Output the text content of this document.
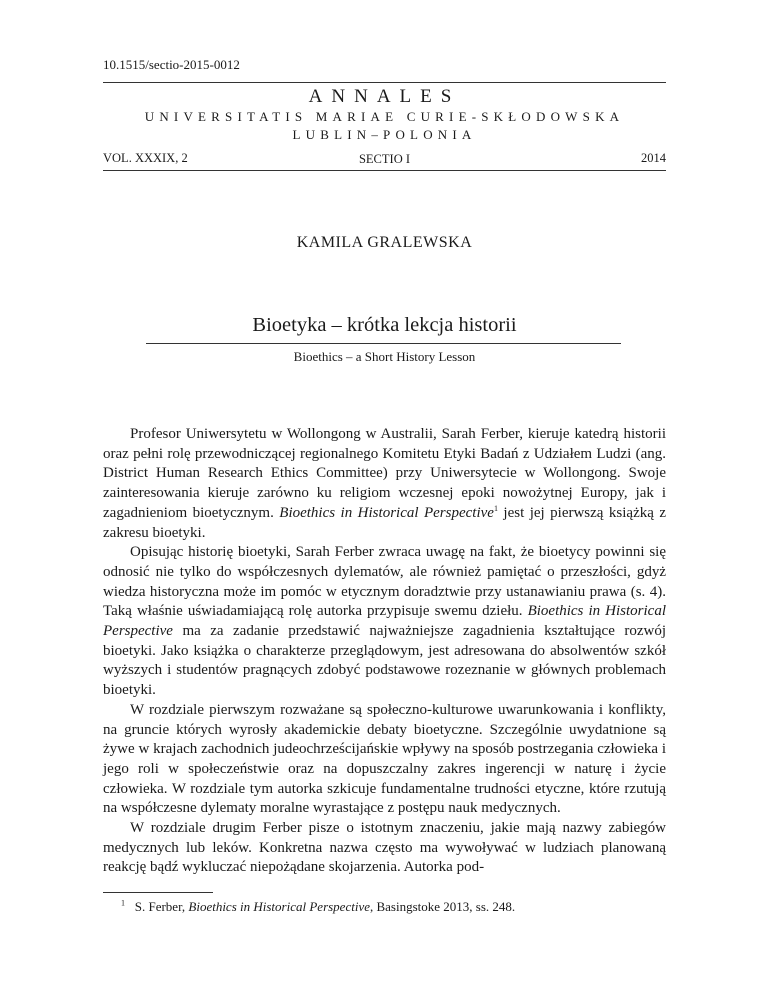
10.1515/sectio-2015-0012
ANNALES
UNIVERSITATIS MARIAE CURIE-SKŁODOWSKA
LUBLIN–POLONIA
VOL. XXXIX, 2	SECTIO I	2014
KAMILA GRALEWSKA
Bioetyka – krótka lekcja historii
Bioethics – a Short History Lesson

Profesor Uniwersytetu w Wollongong w Australii, Sarah Ferber, kieruje katedrą historii oraz pełni rolę przewodniczącej regionalnego Komitetu Etyki Badań z Udziałem Ludzi (ang. District Human Research Ethics Committee) przy Uniwersytecie w Wollongong. Swoje zainteresowania kieruje zarówno ku religiom wczesnej epoki nowożytnej Europy, jak i zagadnieniom bioetycznym. Bioethics in Historical Perspective$^1$ jest jej pierwszą książką z zakresu bioetyki.

Opisując historię bioetyki, Sarah Ferber zwraca uwagę na fakt, że bioetycy powinni się odnosić nie tylko do współczesnych dylematów, ale również pamiętać o przeszłości, gdyż wiedza historyczna może im pomóc w etycznym doradztwie przy ustanawianiu prawa (s. 4). Taką właśnie uświadamiającą rolę autorka przypisuje swemu dziełu. Bioethics in Historical Perspective ma za zadanie przedstawić najważniejsze zagadnienia kształtujące rozwój bioetyki. Jako książka o charakterze przeglądowym, jest adresowana do absolwentów szkół wyższych i studentów pragnących zdobyć podstawowe rozeznanie w głównych problemach bioetyki.

W rozdziale pierwszym rozważane są społeczno-kulturowe uwarunkowania i konflikty, na gruncie których wyrosły akademickie debaty bioetyczne. Szczególnie uwydatnione są żywe w krajach zachodnich judeochrześcijańskie wpływy na sposób postrzegania człowieka i jego roli w społeczeństwie oraz na dopuszczalny zakres ingerencji w naturę i życie człowieka. W rozdziale tym autorka szkicuje fundamentalne trudności etyczne, które rzutują na współczesne dylematy moralne wyrastające z postępu nauk medycznych.

W rozdziale drugim Ferber pisze o istotnym znaczeniu, jakie mają nazwy zabiegów medycznych lub leków. Konkretna nazwa często ma wywoływać w ludziach planowaną reakcję bądź wykluczać niepożądane skojarzenia. Autorka pod-

$^1$ S. Ferber, Bioethics in Historical Perspective, Basingstoke 2013, ss. 248.
